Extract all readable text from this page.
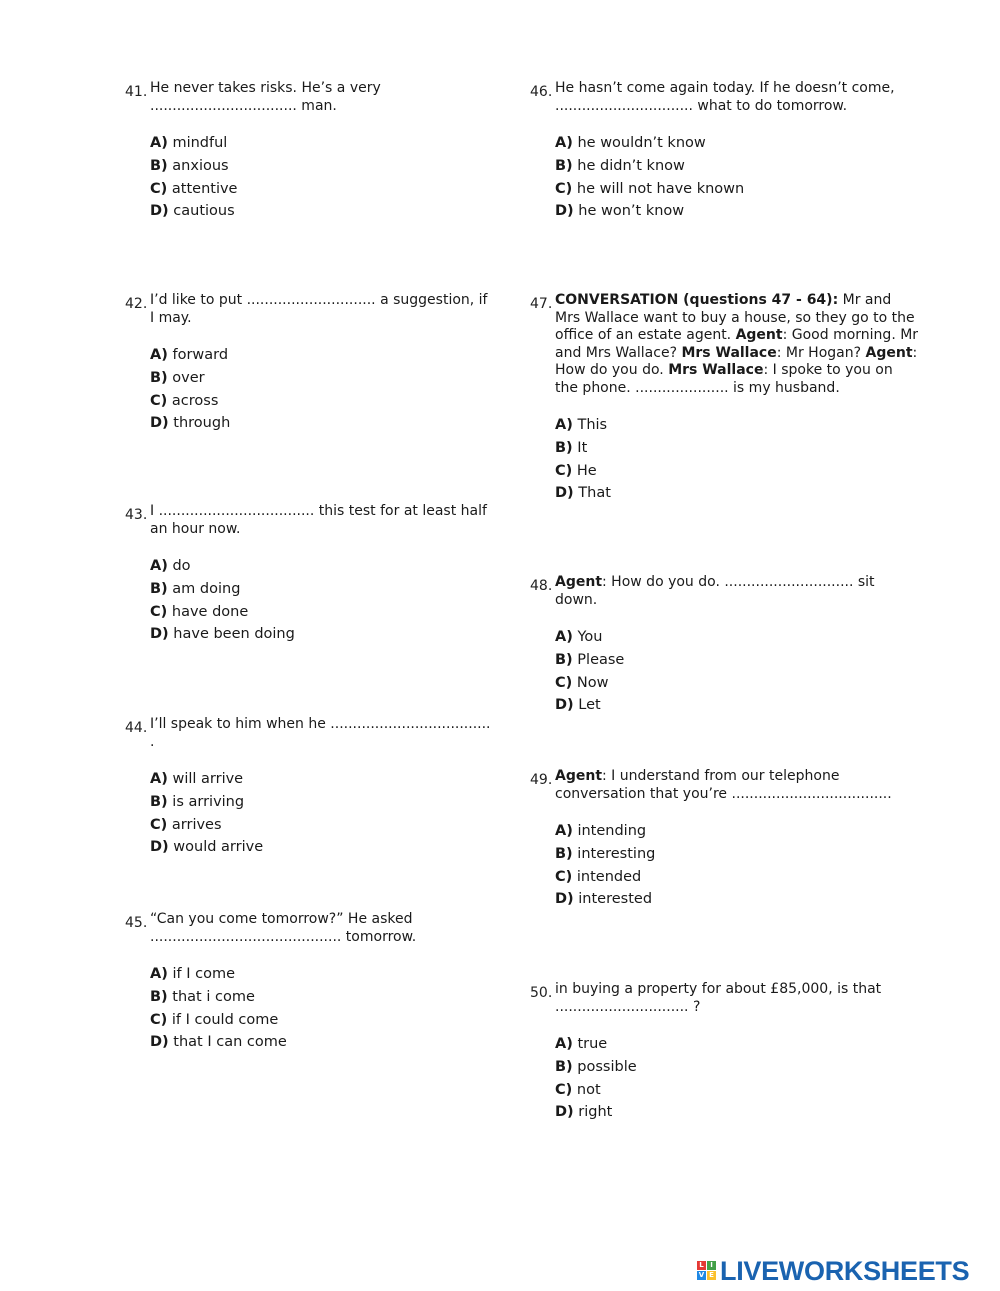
41. He never takes risks. He’s a very ................................. man.
A) mindful
B) anxious
C) attentive
D) cautious
42. I’d like to put ............................. a suggestion, if I may.
A) forward
B) over
C) across
D) through
43. I ................................... this test for at least half an hour now.
A) do
B) am doing
C) have done
D) have been doing
44. I’ll speak to him when he .................................... .
A) will arrive
B) is arriving
C) arrives
D) would arrive
45. “Can you come tomorrow?” He asked ........................................... tomorrow.
A) if I come
B) that i come
C) if I could come
D) that I can come
46. He hasn’t come again today. If he doesn’t come, ............................... what to do tomorrow.
A) he wouldn’t know
B) he didn’t know
C) he will not have known
D) he won’t know
47. CONVERSATION (questions 47 - 64): Mr and Mrs Wallace want to buy a house, so they go to the office of an estate agent. Agent: Good morning. Mr and Mrs Wallace? Mrs Wallace: Mr Hogan? Agent: How do you do. Mrs Wallace: I spoke to you on the phone. ..................... is my husband.
A) This
B) It
C) He
D) That
48. Agent: How do you do. ............................. sit down.
A) You
B) Please
C) Now
D) Let
49. Agent: I understand from our telephone conversation that you’re ....................................
A) intending
B) interesting
C) intended
D) interested
50. in buying a property for about £85,000, is that .............................. ?
A) true
B) possible
C) not
D) right
L I
V E LIVEWORKSHEETS
